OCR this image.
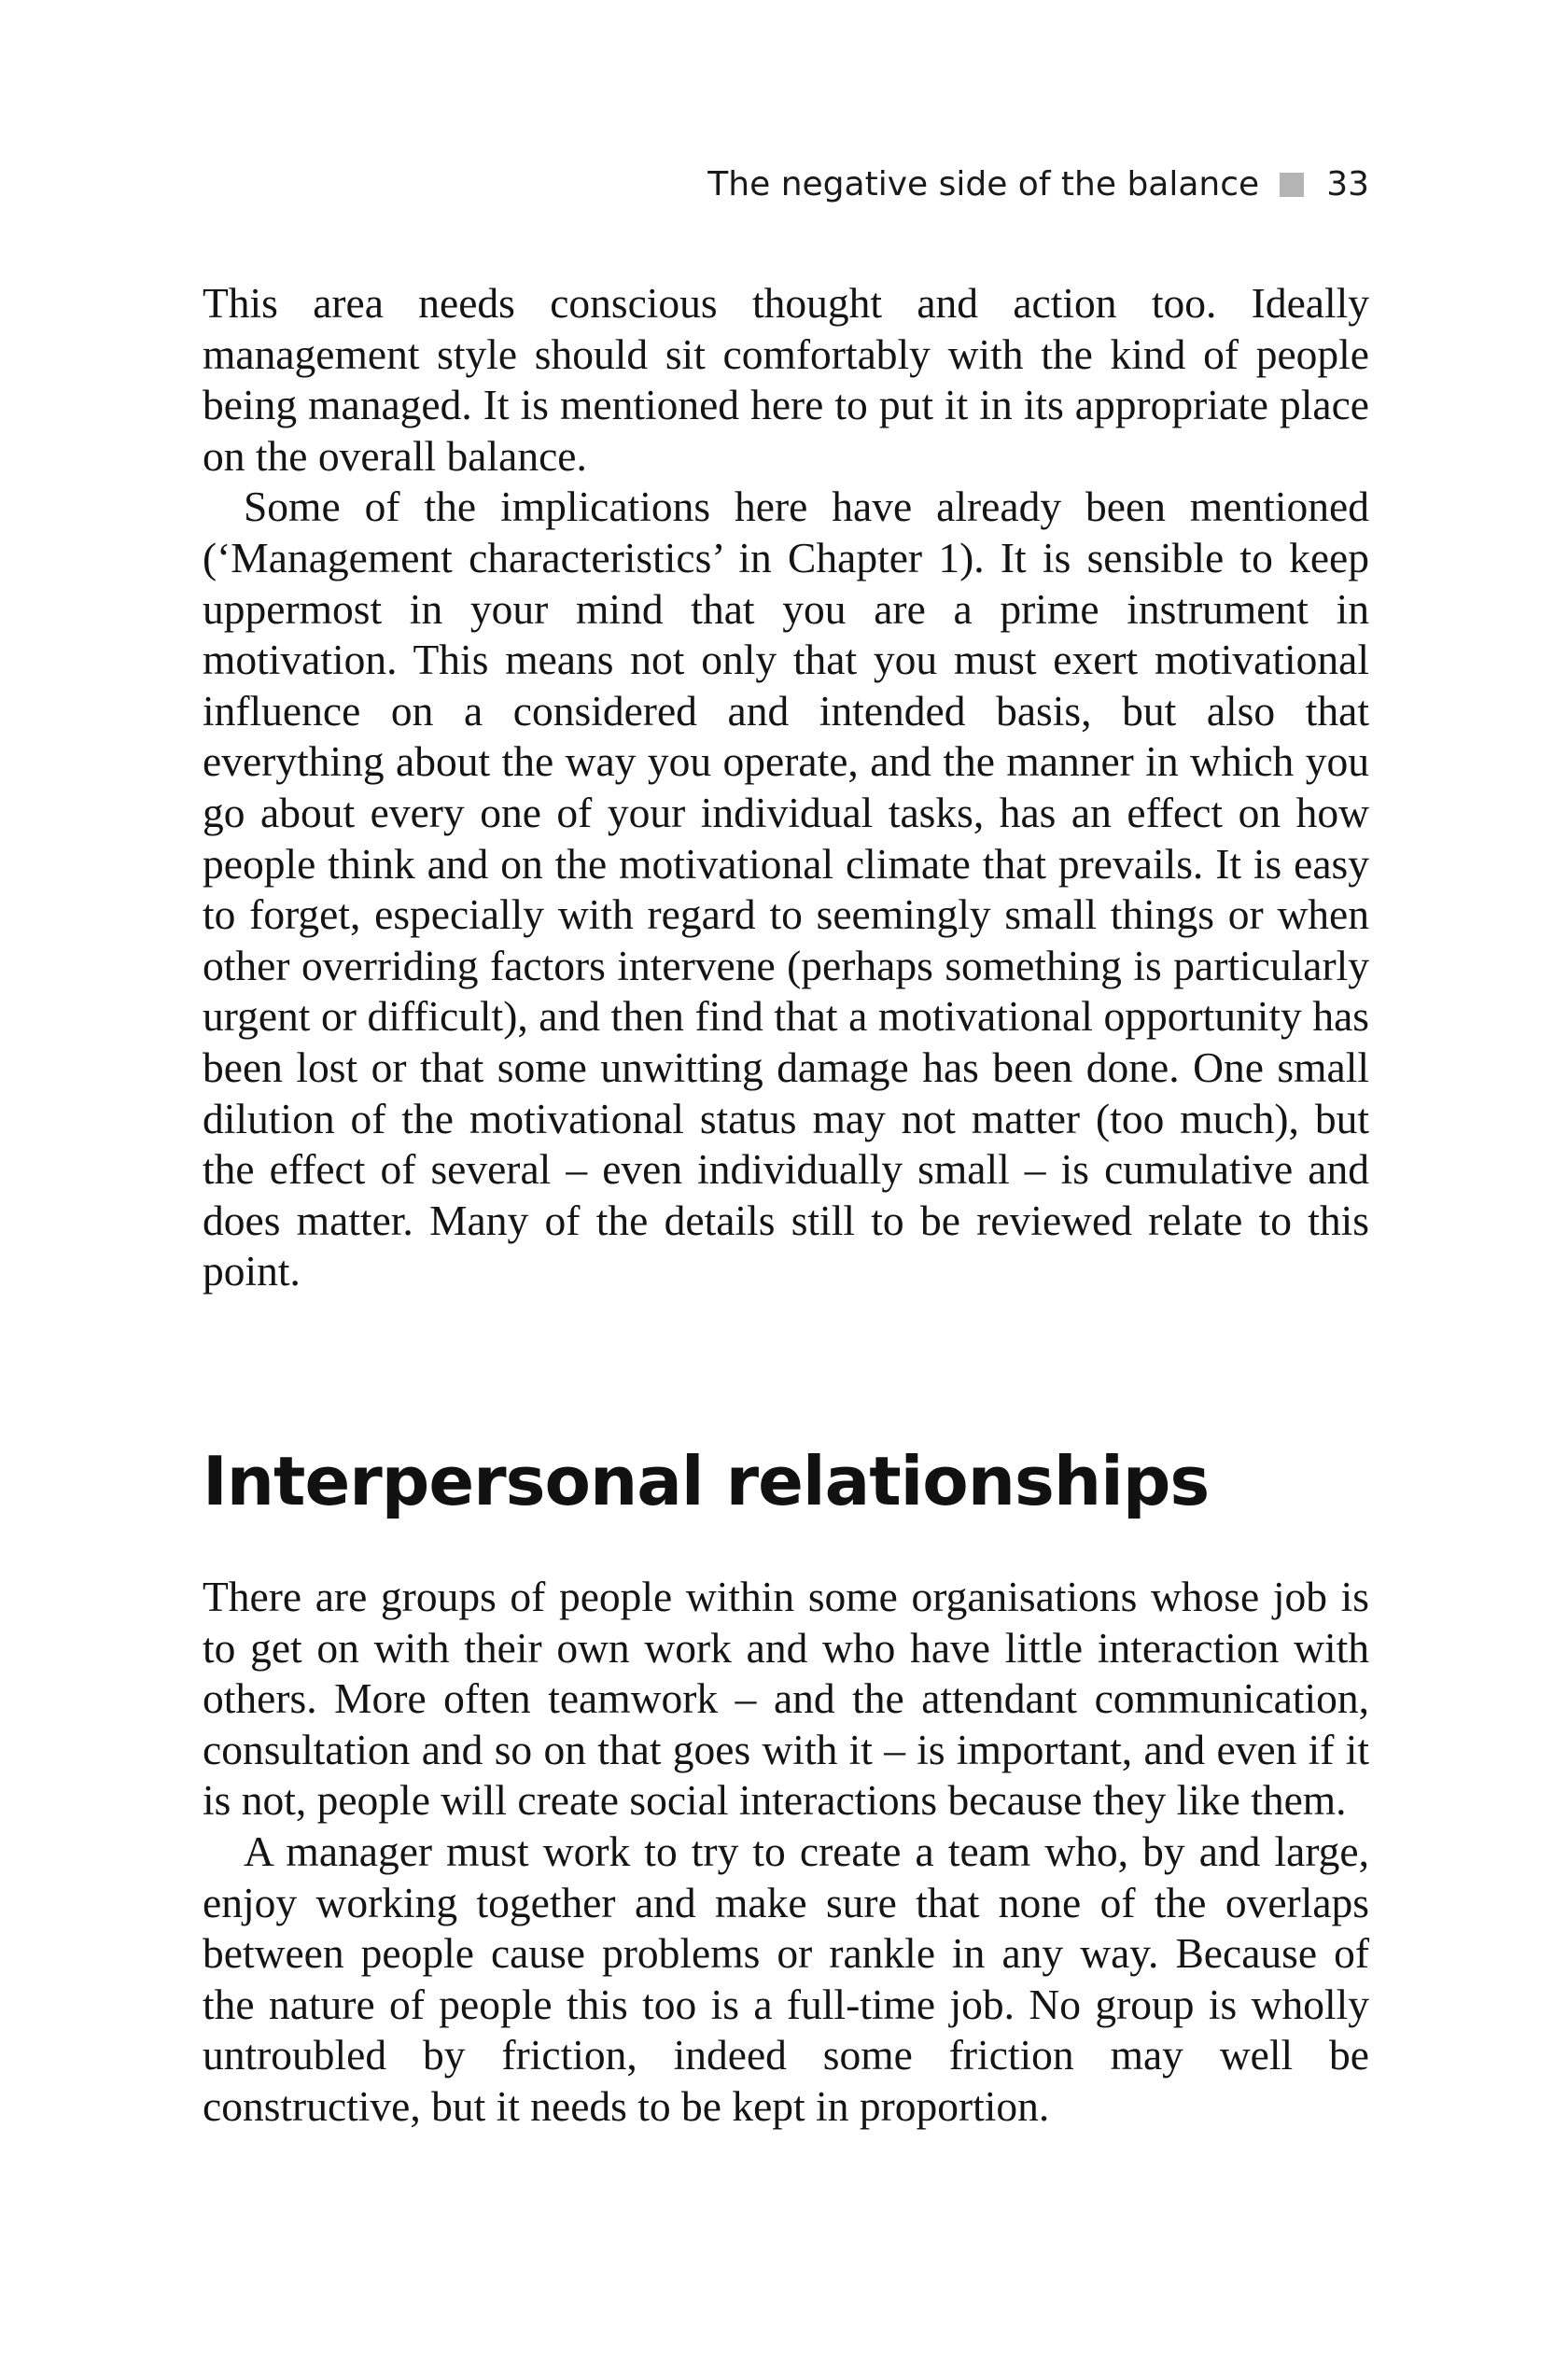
The negative side of the balance 33

This area needs conscious thought and action too. Ideally management style should sit comfortably with the kind of people being managed. It is mentioned here to put it in its appropriate place on the overall balance.

Some of the implications here have already been mentioned (‘Management characteristics’ in Chapter 1). It is sensible to keep uppermost in your mind that you are a prime instrument in motivation. This means not only that you must exert motivational influence on a considered and intended basis, but also that everything about the way you operate, and the manner in which you go about every one of your individual tasks, has an effect on how people think and on the motivational climate that prevails. It is easy to forget, especially with regard to seemingly small things or when other overriding factors intervene (perhaps something is particularly urgent or difficult), and then find that a motivational opportunity has been lost or that some unwitting damage has been done. One small dilution of the motivational status may not matter (too much), but the effect of several – even individually small – is cumulative and does matter. Many of the details still to be reviewed relate to this point.

Interpersonal relationships

There are groups of people within some organisations whose job is to get on with their own work and who have little interaction with others. More often teamwork – and the attendant communication, consultation and so on that goes with it – is important, and even if it is not, people will create social interactions because they like them.

A manager must work to try to create a team who, by and large, enjoy working together and make sure that none of the overlaps between people cause problems or rankle in any way. Because of the nature of people this too is a full-time job. No group is wholly untroubled by friction, indeed some friction may well be constructive, but it needs to be kept in proportion.
